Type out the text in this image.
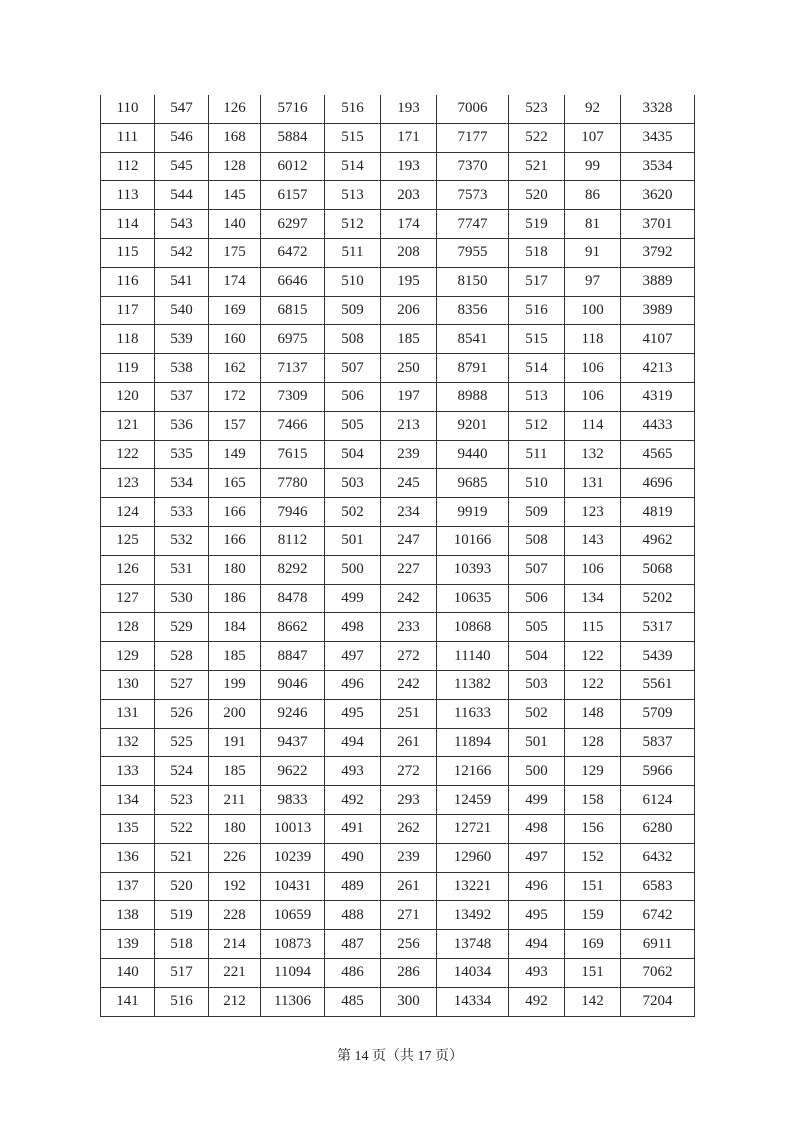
110	547	126	5716	516	193	7006	523	92	3328
111	546	168	5884	515	171	7177	522	107	3435
112	545	128	6012	514	193	7370	521	99	3534
113	544	145	6157	513	203	7573	520	86	3620
114	543	140	6297	512	174	7747	519	81	3701
115	542	175	6472	511	208	7955	518	91	3792
116	541	174	6646	510	195	8150	517	97	3889
117	540	169	6815	509	206	8356	516	100	3989
118	539	160	6975	508	185	8541	515	118	4107
119	538	162	7137	507	250	8791	514	106	4213
120	537	172	7309	506	197	8988	513	106	4319
121	536	157	7466	505	213	9201	512	114	4433
122	535	149	7615	504	239	9440	511	132	4565
123	534	165	7780	503	245	9685	510	131	4696
124	533	166	7946	502	234	9919	509	123	4819
125	532	166	8112	501	247	10166	508	143	4962
126	531	180	8292	500	227	10393	507	106	5068
127	530	186	8478	499	242	10635	506	134	5202
128	529	184	8662	498	233	10868	505	115	5317
129	528	185	8847	497	272	11140	504	122	5439
130	527	199	9046	496	242	11382	503	122	5561
131	526	200	9246	495	251	11633	502	148	5709
132	525	191	9437	494	261	11894	501	128	5837
133	524	185	9622	493	272	12166	500	129	5966
134	523	211	9833	492	293	12459	499	158	6124
135	522	180	10013	491	262	12721	498	156	6280
136	521	226	10239	490	239	12960	497	152	6432
137	520	192	10431	489	261	13221	496	151	6583
138	519	228	10659	488	271	13492	495	159	6742
139	518	214	10873	487	256	13748	494	169	6911
140	517	221	11094	486	286	14034	493	151	7062
141	516	212	11306	485	300	14334	492	142	7204
第 14 页（共 17 页）
